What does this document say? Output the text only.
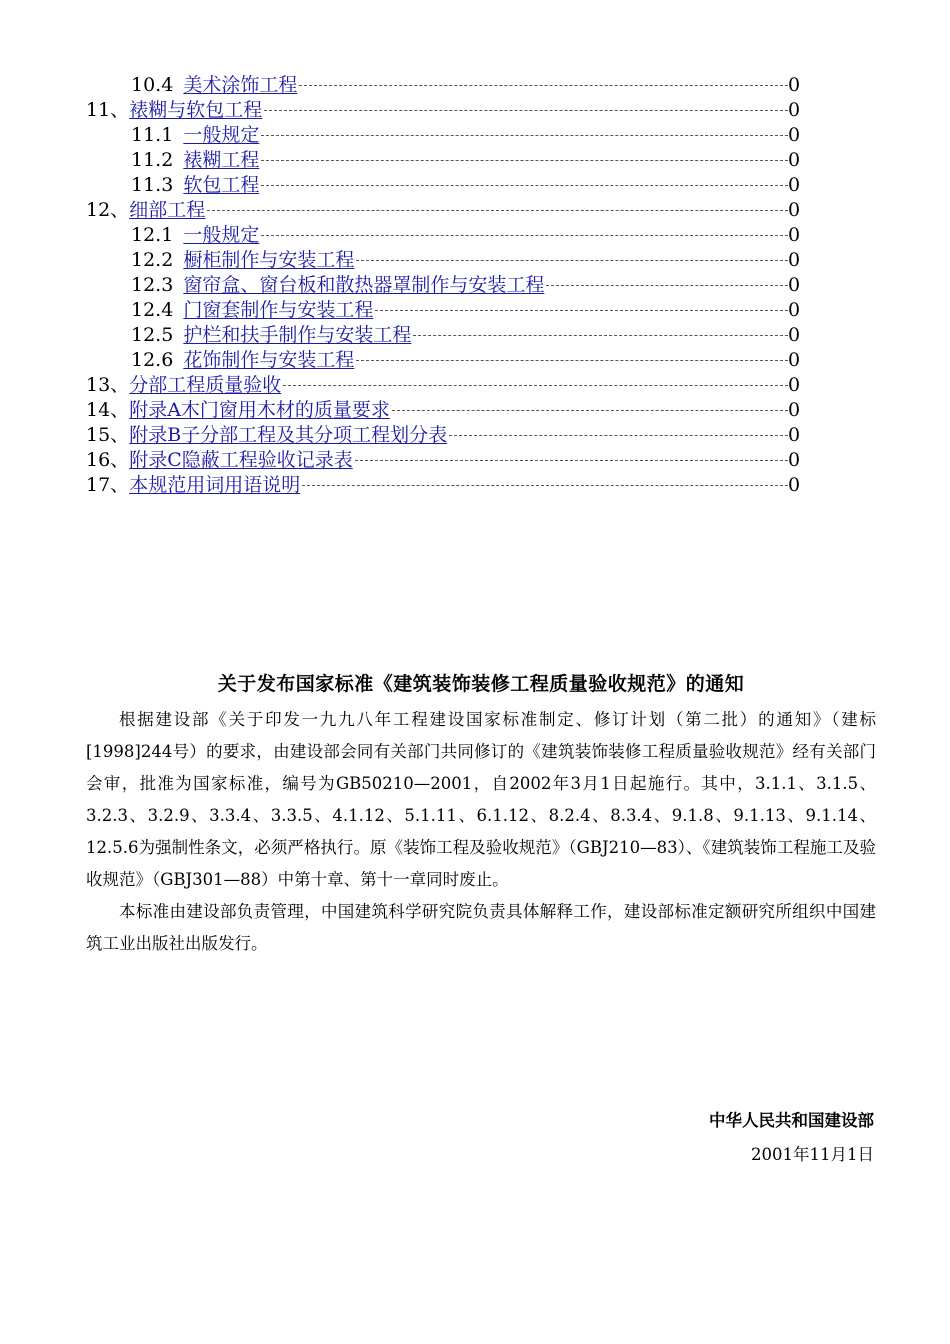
10.4 美术涂饰工程	0
11、裱糊与软包工程	0
11.1 一般规定	0
11.2 裱糊工程	0
11.3 软包工程	0
12、细部工程	0
12.1 一般规定	0
12.2 橱柜制作与安装工程	0
12.3 窗帘盒、窗台板和散热器罩制作与安装工程	0
12.4 门窗套制作与安装工程	0
12.5 护栏和扶手制作与安装工程	0
12.6 花饰制作与安装工程	0
13、分部工程质量验收	0
14、附录A木门窗用木材的质量要求	0
15、附录B子分部工程及其分项工程划分表	0
16、附录C隐蔽工程验收记录表	0
17、本规范用词用语说明	0
关于发布国家标准《建筑装饰装修工程质量验收规范》的通知

根据建设部《关于印发一九九八年工程建设国家标准制定、修订计划（第二批）的通知》（建标[1998]244号）的要求，由建设部会同有关部门共同修订的《建筑装饰装修工程质量验收规范》经有关部门会审，批准为国家标准，编号为GB50210—2001，自2002年3月1日起施行。其中，3.1.1、3.1.5、3.2.3、3.2.9、3.3.4、3.3.5、4.1.12、5.1.11、6.1.12、8.2.4、8.3.4、9.1.8、9.1.13、9.1.14、12.5.6为强制性条文，必须严格执行。原《装饰工程及验收规范》（GBJ210—83）、《建筑装饰工程施工及验收规范》（GBJ301—88）中第十章、第十一章同时废止。

本标准由建设部负责管理，中国建筑科学研究院负责具体解释工作，建设部标准定额研究所组织中国建筑工业出版社出版发行。

中华人民共和国建设部
2001年11月1日
